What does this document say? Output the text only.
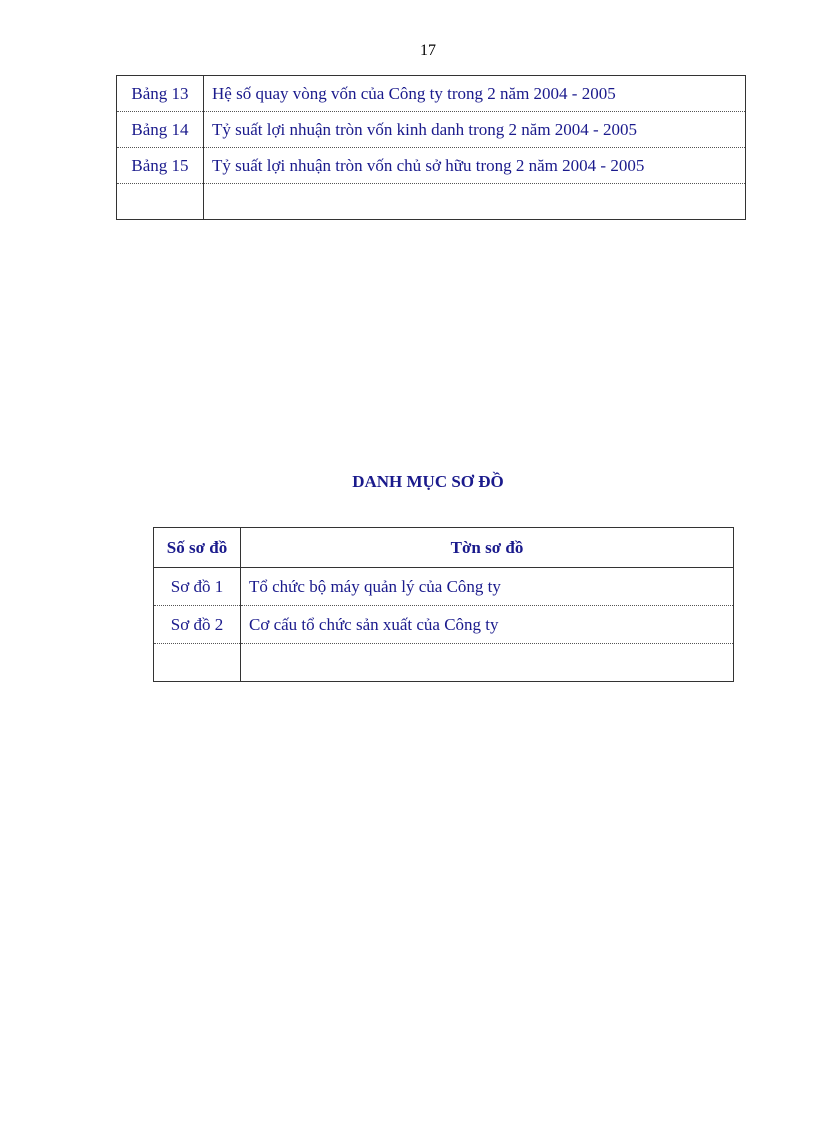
17
Bảng 13	Hệ số quay vòng vốn của Công ty trong 2 năm 2004 - 2005
Bảng 14	Tỷ suất lợi nhuận tròn vốn kinh danh trong 2 năm 2004 - 2005
Bảng 15	Tỷ suất lợi nhuận tròn vốn chủ sở hữu trong 2 năm 2004 - 2005

DANH MỤC SƠ ĐỒ
Số sơ đồ	Tờn sơ đồ
Sơ đồ 1	Tổ chức bộ máy quản lý của Công ty
Sơ đồ 2	Cơ cấu tổ chức sản xuất của Công ty
